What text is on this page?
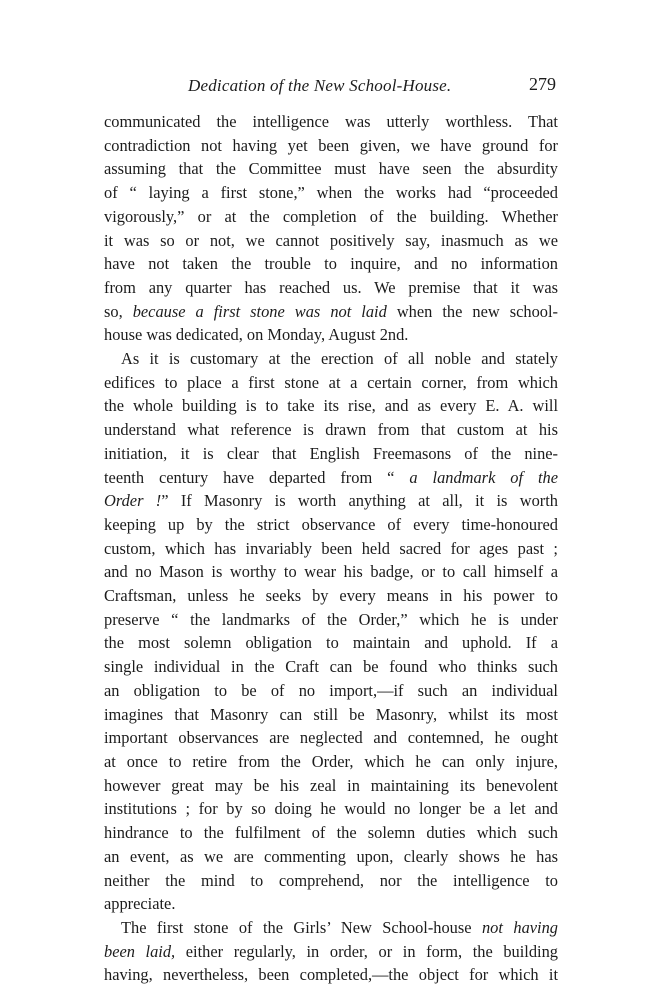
Dedication of the New School-House.	279

communicated the intelligence was utterly worthless. That
contradiction not having yet been given, we have ground for
assuming that the Committee must have seen the absurdity
of “ laying a first stone,” when the works had “proceeded
vigorously,” or at the completion of the building. Whether
it was so or not, we cannot positively say, inasmuch as we
have not taken the trouble to inquire, and no information
from any quarter has reached us. We premise that it was
so, because a first stone was not laid when the new school-
house was dedicated, on Monday, August 2nd.

As it is customary at the erection of all noble and stately
edifices to place a first stone at a certain corner, from which
the whole building is to take its rise, and as every E. A. will
understand what reference is drawn from that custom at his
initiation, it is clear that English Freemasons of the nine-
teenth century have departed from “ a landmark of the
Order !” If Masonry is worth anything at all, it is worth
keeping up by the strict observance of every time-honoured
custom, which has invariably been held sacred for ages past ;
and no Mason is worthy to wear his badge, or to call himself a
Craftsman, unless he seeks by every means in his power to
preserve “ the landmarks of the Order,” which he is under
the most solemn obligation to maintain and uphold. If a
single individual in the Craft can be found who thinks such
an obligation to be of no import,—if such an individual
imagines that Masonry can still be Masonry, whilst its most
important observances are neglected and contemned, he ought
at once to retire from the Order, which he can only injure,
however great may be his zeal in maintaining its benevolent
institutions ; for by so doing he would no longer be a let and
hindrance to the fulfilment of the solemn duties which such
an event, as we are commenting upon, clearly shows he has
neither the mind to comprehend, nor the intelligence to
appreciate.

The first stone of the Girls’ New School-house not having
been laid, either regularly, in order, or in form, the building
having, nevertheless, been completed,—the object for which it
